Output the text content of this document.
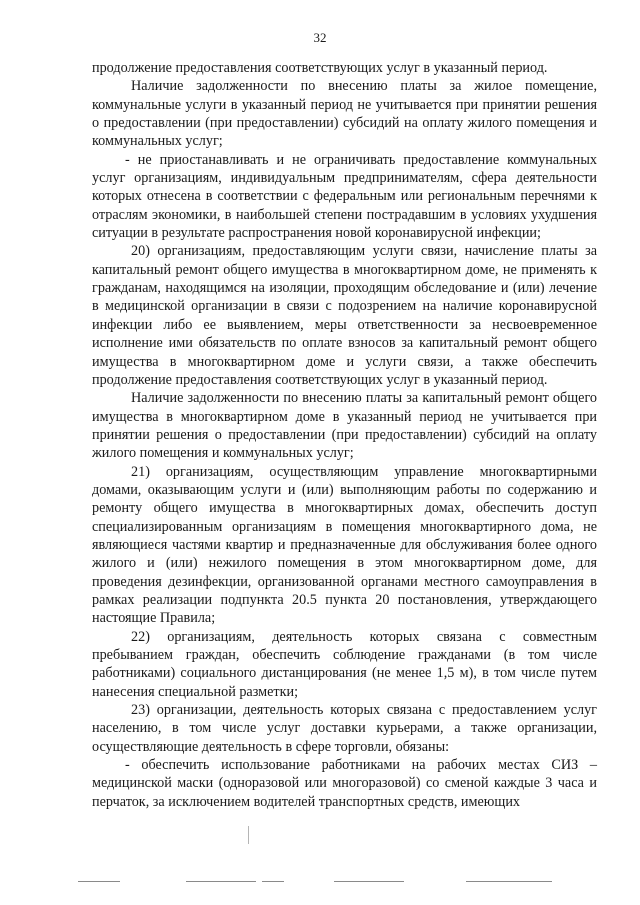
32

продолжение предоставления соответствующих услуг в указанный период.

Наличие задолженности по внесению платы за жилое помещение, коммунальные услуги в указанный период не учитывается при принятии решения о предоставлении (при предоставлении) субсидий на оплату жилого помещения и коммунальных услуг;

- не приостанавливать и не ограничивать предоставление коммунальных услуг организациям, индивидуальным предпринимателям, сфера деятельности которых отнесена в соответствии с федеральным или региональным перечнями к отраслям экономики, в наибольшей степени пострадавшим в условиях ухудшения ситуации в результате распространения новой коронавирусной инфекции;

20) организациям, предоставляющим услуги связи, начисление платы за капитальный ремонт общего имущества в многоквартирном доме, не применять к гражданам, находящимся на изоляции, проходящим обследование и (или) лечение в медицинской организации в связи с подозрением на наличие коронавирусной инфекции либо ее выявлением, меры ответственности за несвоевременное исполнение ими обязательств по оплате взносов за капитальный ремонт общего имущества в многоквартирном доме и услуги связи, а также обеспечить продолжение предоставления соответствующих услуг в указанный период.

Наличие задолженности по внесению платы за капитальный ремонт общего имущества в многоквартирном доме в указанный период не учитывается при принятии решения о предоставлении (при предоставлении) субсидий на оплату жилого помещения и коммунальных услуг;

21) организациям, осуществляющим управление многоквартирными домами, оказывающим услуги и (или) выполняющим работы по содержанию и ремонту общего имущества в многоквартирных домах, обеспечить доступ специализированным организациям в помещения многоквартирного дома, не являющиеся частями квартир и предназначенные для обслуживания более одного жилого и (или) нежилого помещения в этом многоквартирном доме, для проведения дезинфекции, организованной органами местного самоуправления в рамках реализации подпункта 20.5 пункта 20 постановления, утверждающего настоящие Правила;

22) организациям, деятельность которых связана с совместным пребыванием граждан, обеспечить соблюдение гражданами (в том числе работниками) социального дистанцирования (не менее 1,5 м), в том числе путем нанесения специальной разметки;

23) организации, деятельность которых связана с предоставлением услуг населению, в том числе услуг доставки курьерами, а также организации, осуществляющие деятельность в сфере торговли, обязаны:

- обеспечить использование работниками на рабочих местах СИЗ – медицинской маски (одноразовой или многоразовой) со сменой каждые 3 часа и перчаток, за исключением водителей транспортных средств, имеющих
